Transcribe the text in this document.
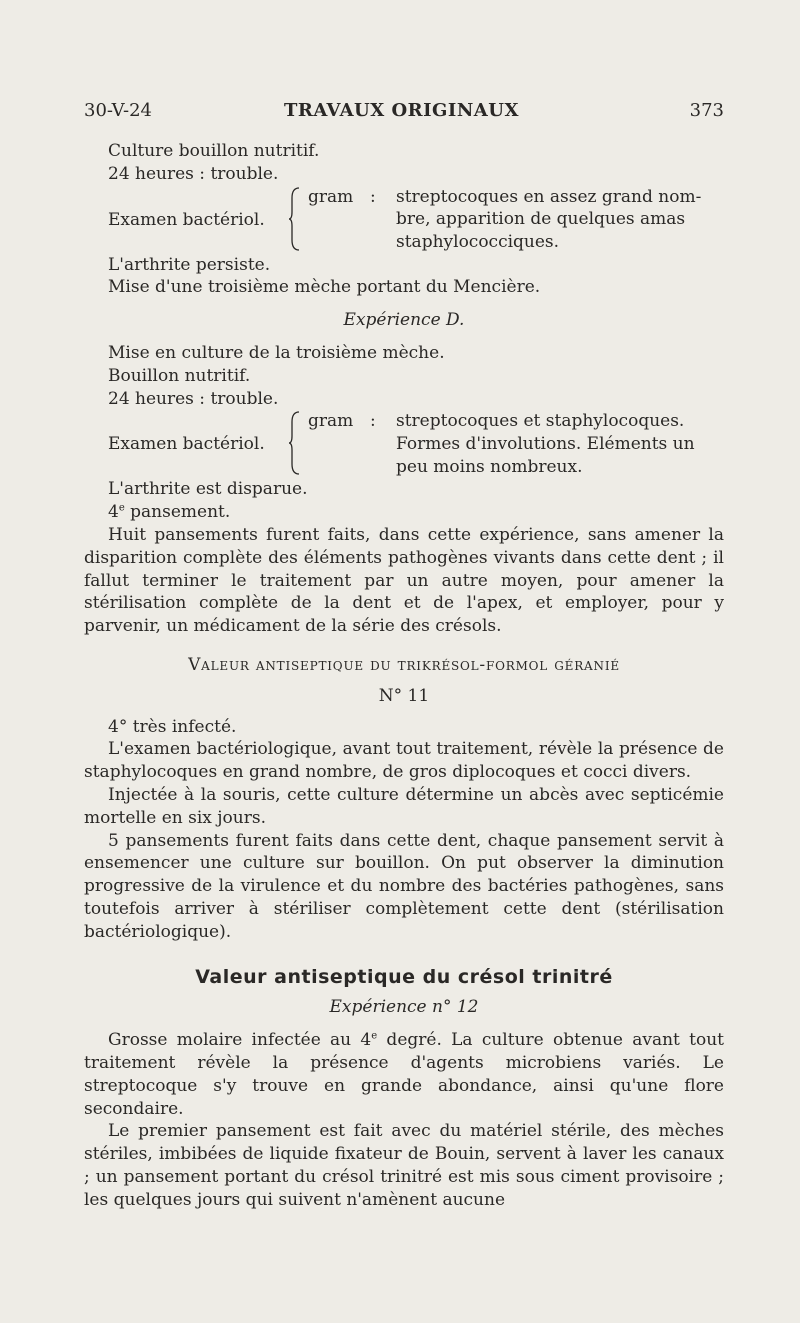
30-V-24	TRAVAUX ORIGINAUX	373

Culture bouillon nutritif.

24 heures : trouble.

Examen bactériol.
gram : streptocoques en assez grand nom-
bre, apparition de quelques amas
staphylococciques.

L'arthrite persiste.

Mise d'une troisième mèche portant du Mencière.

Expérience D.

Mise en culture de la troisième mèche.

Bouillon nutritif.

24 heures : trouble.

Examen bactériol.
gram : streptocoques et staphylocoques.
Formes d'involutions. Eléments un
peu moins nombreux.

L'arthrite est disparue.

4e pansement.

Huit pansements furent faits, dans cette expérience, sans amener la disparition complète des éléments pathogènes vivants dans cette dent ; il fallut terminer le traitement par un autre moyen, pour amener la stérilisation complète de la dent et de l'apex, et employer, pour y parvenir, un médicament de la série des crésols.

Valeur antiseptique du trikrésol-formol géranié

N° 11

4° très infecté.

L'examen bactériologique, avant tout traitement, révèle la présence de staphylocoques en grand nombre, de gros diplocoques et cocci divers.

Injectée à la souris, cette culture détermine un abcès avec septicémie mortelle en six jours.

5 pansements furent faits dans cette dent, chaque pansement servit à ensemencer une culture sur bouillon. On put observer la diminution progressive de la virulence et du nombre des bactéries pathogènes, sans toutefois arriver à stériliser complètement cette dent (stérilisation bactériologique).

Valeur antiseptique du crésol trinitré

Expérience n° 12

Grosse molaire infectée au 4e degré. La culture obtenue avant tout traitement révèle la présence d'agents microbiens variés. Le streptocoque s'y trouve en grande abondance, ainsi qu'une flore secondaire.

Le premier pansement est fait avec du matériel stérile, des mèches stériles, imbibées de liquide fixateur de Bouin, servent à laver les canaux ; un pansement portant du crésol trinitré est mis sous ciment provisoire ; les quelques jours qui suivent n'amènent aucune
